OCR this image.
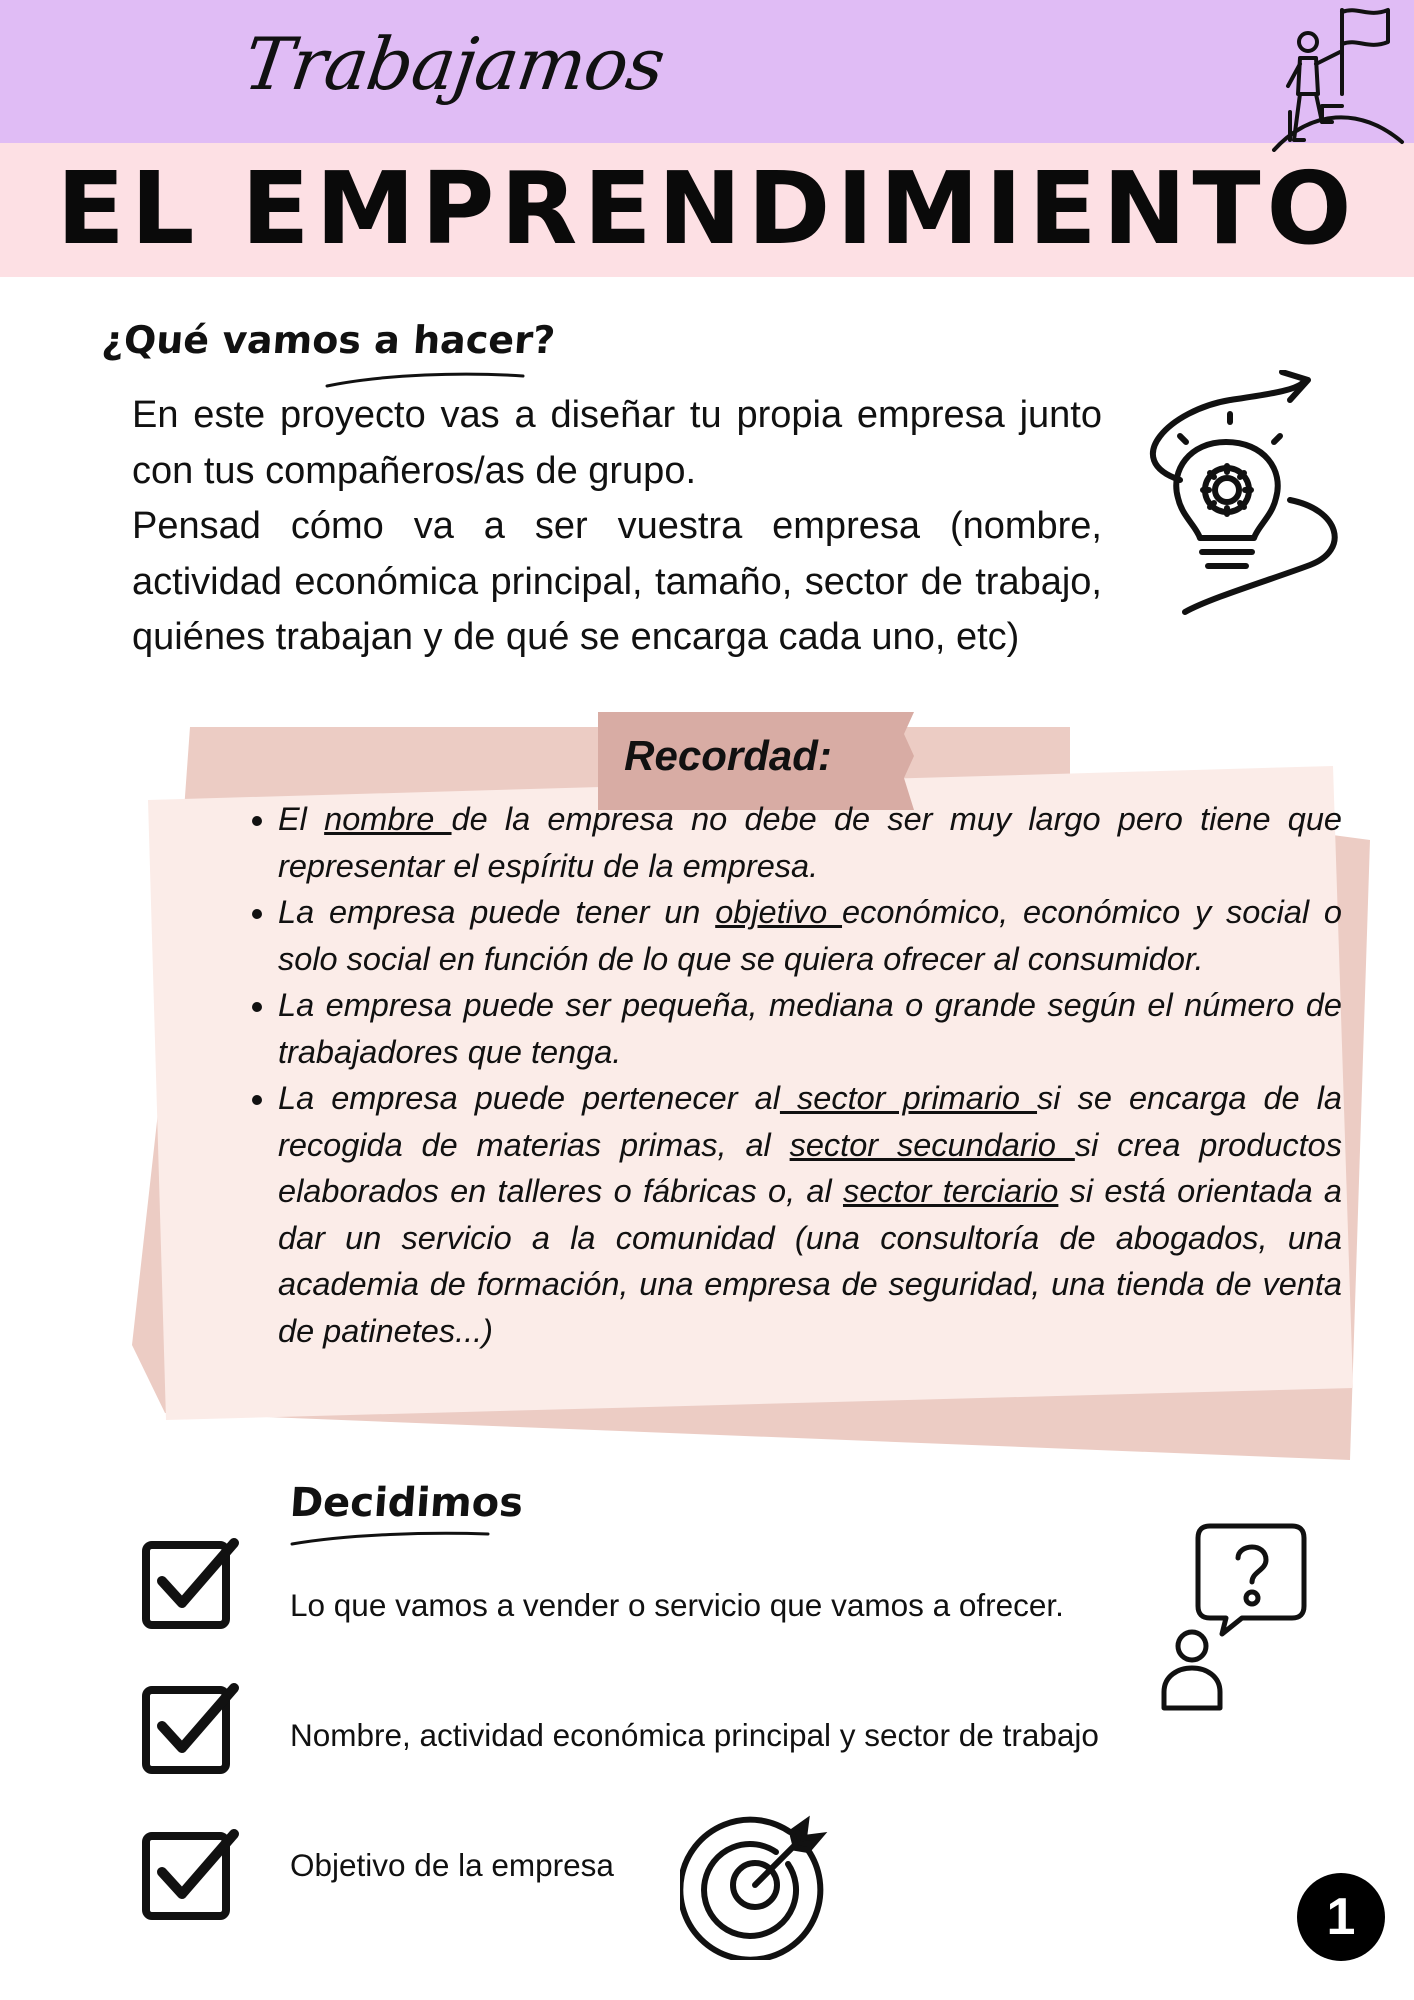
Trabajamos
EL EMPRENDIMIENTO
¿Qué vamos a hacer?

En este proyecto vas a diseñar tu propia empresa junto con tus compañeros/as de grupo.

Pensad cómo va a ser vuestra empresa (nombre, actividad económica principal, tamaño, sector de trabajo, quiénes trabajan y de qué se encarga cada uno, etc)

Recordad:
• El nombre de la empresa no debe de ser muy largo pero tiene que representar el espíritu de la empresa.
• La empresa puede tener un objetivo económico, económico y social o solo social en función de lo que se quiera ofrecer al consumidor.
• La empresa puede ser pequeña, mediana o grande según el número de trabajadores que tenga.
• La empresa puede pertenecer al sector primario si se encarga de la recogida de materias primas, al sector secundario si crea productos elaborados en talleres o fábricas o, al sector terciario si está orientada a dar un servicio a la comunidad (una consultoría de abogados, una academia de formación, una empresa de seguridad, una tienda de venta de patinetes...)
Decidimos
Lo que vamos a vender o servicio que vamos a ofrecer.
Nombre, actividad económica principal y sector de trabajo
Objetivo de la empresa
1
